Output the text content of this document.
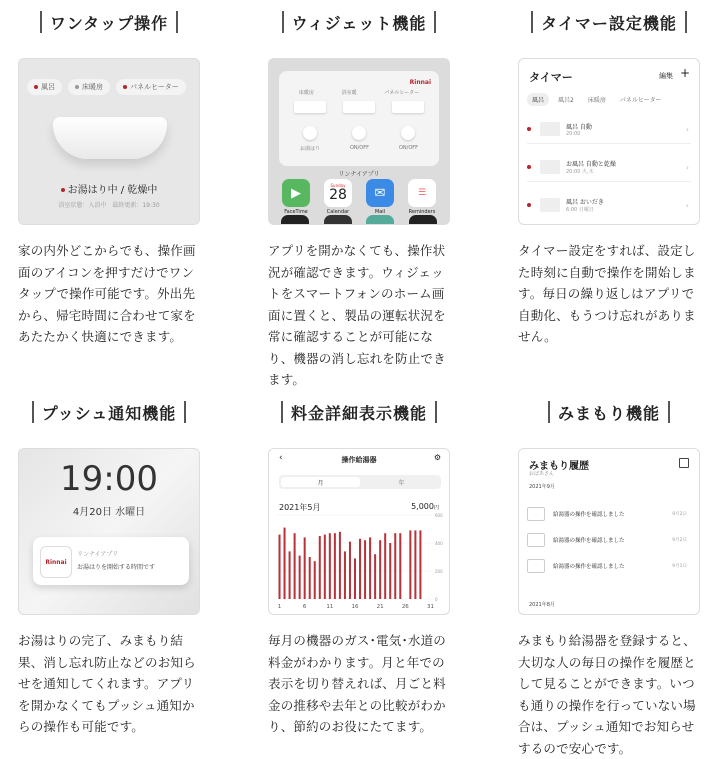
ワンタップ操作
風呂	床暖房	パネルヒーター
お湯はり中 / 乾燥中
浴室状態：入浴中　最終更新：19:30
家の内外どこからでも、操作画面のアイコンを押すだけでワンタップで操作可能です。外出先から、帰宅時間に合わせて家をあたたかく快適にできます。
ウィジェット機能
Rinnai
床暖房	浴室暖	パネルヒーター
お湯はり	ON/OFF	ON/OFF
リンナイアプリ
▶
FaceTime
Sunday
28
Calendar
✉
Mail
☰
Reminders
アプリを開かなくても、操作状況が確認できます。ウィジェットをスマートフォンのホーム画面に置くと、製品の運転状況を常に確認することが可能になり、機器の消し忘れを防止できます。
タイマー設定機能
タイマー	編集 +
風呂	風呂2	床暖房	パネルヒーター
風呂 自動
20:00	›
お風呂 自動と乾燥
20:00 火,木
›
風呂 おいだき
6:00 日曜日
›
タイマー設定をすれば、設定した時刻に自動で操作を開始します。毎日の繰り返しはアプリで自動化、もうつけ忘れがありません。
プッシュ通知機能
19:00
4月20日 水曜日
Rinnai
リンナイアプリ
お湯はりを開始する時間です
お湯はりの完了、みまもり結果、消し忘れ防止などのお知らせを通知してくれます。アプリを開かなくてもプッシュ通知からの操作も可能です。
料金詳細表示機能
‹	操作給湯器	⚙
月	年
2021年5月	5,000円
600
400
200
0
1	6	11	16	21	26	31
毎月の機器のガス･電気･水道の料金がわかります。月と年での表示を切り替えれば、月ごと料金の推移や去年との比較がわかり、節約のお役にたてます。
みまもり機能
みまもり履歴
おばあさん
2021年9月
給湯器の操作を確認しました	9月2日
給湯器の操作を確認しました	9月2日
給湯器の操作を確認しました	9月1日
2021年8月
みまもり給湯器を登録すると、大切な人の毎日の操作を履歴として見ることができます。いつも通りの操作を行っていない場合は、プッシュ通知でお知らせするので安心です。
